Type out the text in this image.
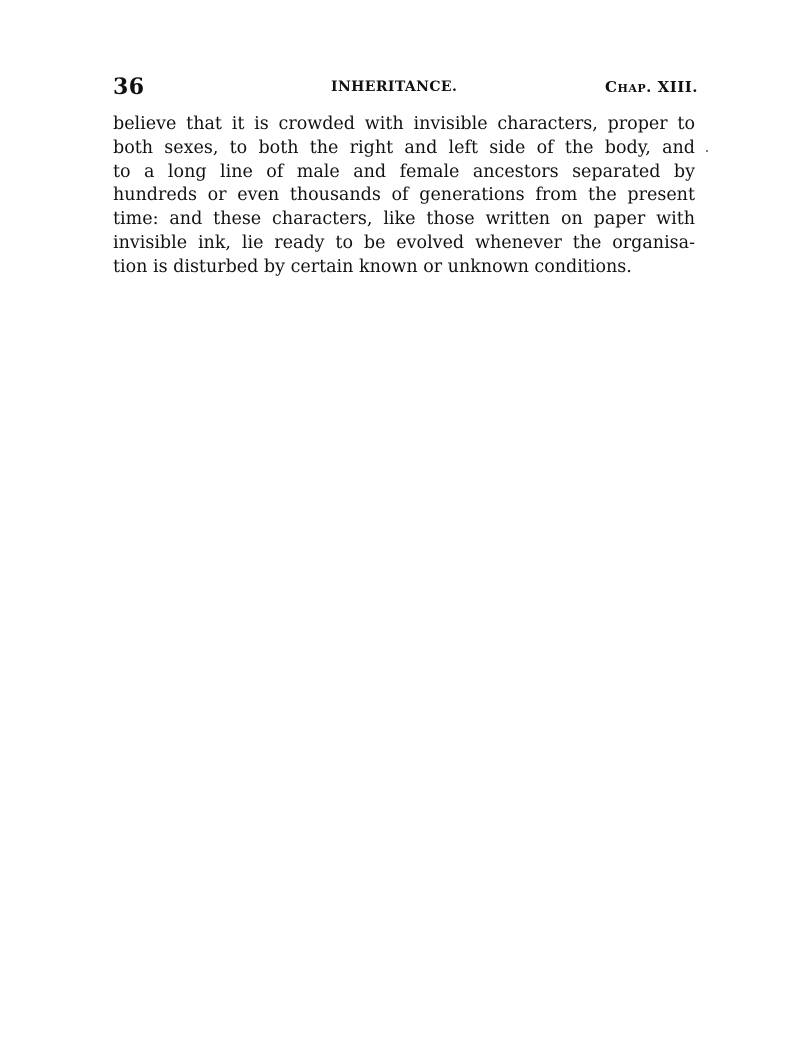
36	INHERITANCE.	Chap. XIII.
believe that it is crowded with invisible characters, proper to
both sexes, to both the right and left side of the body, and
to a long line of male and female ancestors separated by
hundreds or even thousands of generations from the present
time: and these characters, like those written on paper with
invisible ink, lie ready to be evolved whenever the organisa-
tion is disturbed by certain known or unknown conditions.
